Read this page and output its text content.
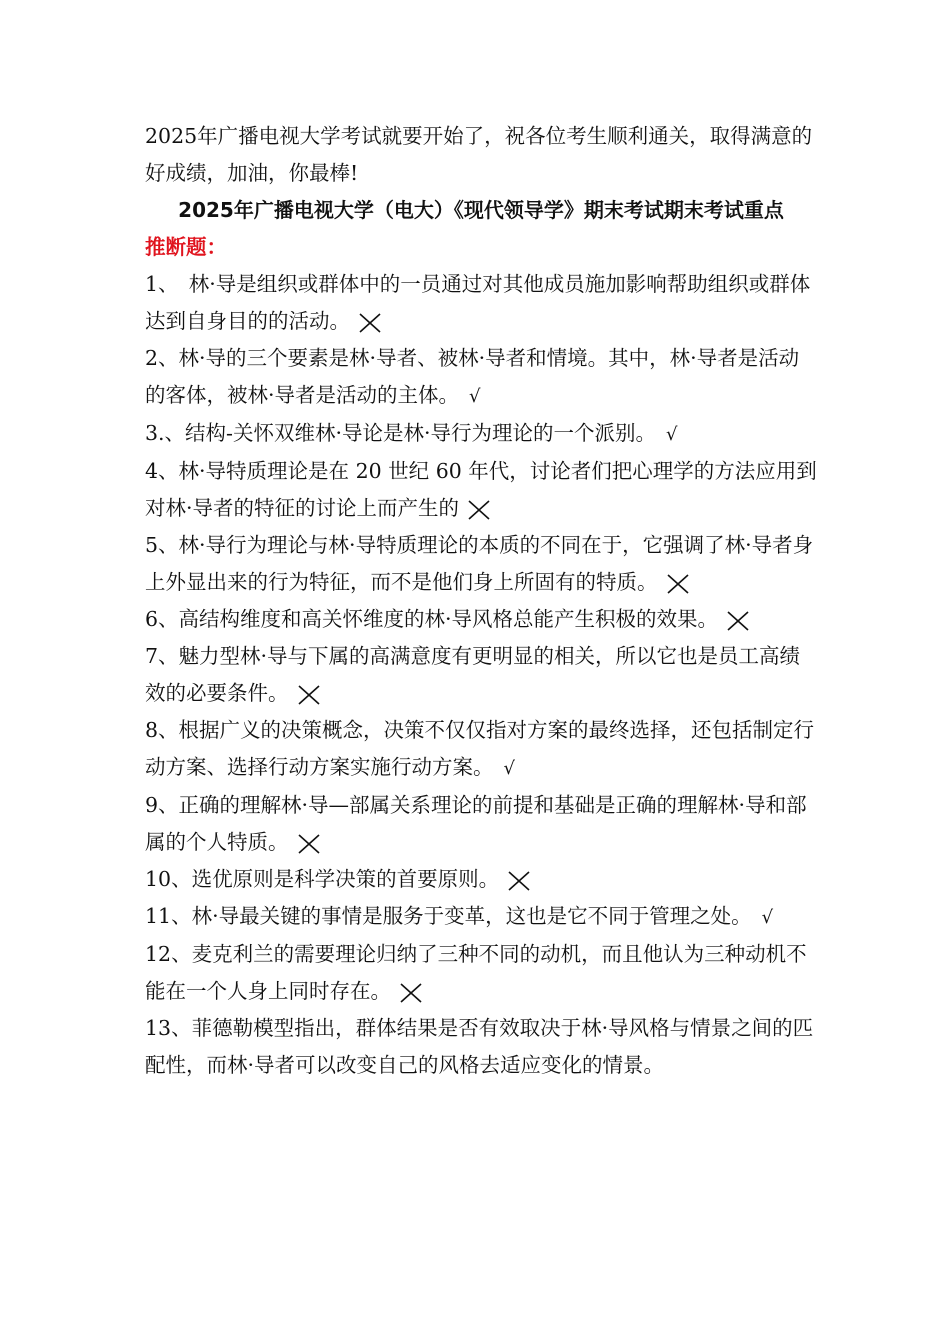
2025年广播电视大学考试就要开始了，祝各位考生顺利通关，取得满意的好成绩，加油，你最棒!

2025年广播电视大学（电大）《现代领导学》期末考试期末考试重点

推断题：

1、　林·导是组织或群体中的一员通过对其他成员施加影响帮助组织或群体达到自身目的的活动。

2、林·导的三个要素是林·导者、被林·导者和情境。其中，林·导者是活动的客体，被林·导者是活动的主体。 √

3.、结构-关怀双维林·导论是林·导行为理论的一个派别。 √

4、林·导特质理论是在 20 世纪 60 年代，讨论者们把心理学的方法应用到对林·导者的特征的讨论上而产生的

5、林·导行为理论与林·导特质理论的本质的不同在于，它强调了林·导者身上外显出来的行为特征，而不是他们身上所固有的特质。

6、高结构维度和高关怀维度的林·导风格总能产生积极的效果。

7、魅力型林·导与下属的高满意度有更明显的相关，所以它也是员工高绩效的必要条件。

8、根据广义的决策概念，决策不仅仅指对方案的最终选择，还包括制定行动方案、选择行动方案实施行动方案。 √

9、正确的理解林·导—部属关系理论的前提和基础是正确的理解林·导和部属的个人特质。

10、选优原则是科学决策的首要原则。

11、林·导最关键的事情是服务于变革，这也是它不同于管理之处。 √

12、麦克利兰的需要理论归纳了三种不同的动机，而且他认为三种动机不能在一个人身上同时存在。

13、菲德勒模型指出，群体结果是否有效取决于林·导风格与情景之间的匹配性，而林·导者可以改变自己的风格去适应变化的情景。
